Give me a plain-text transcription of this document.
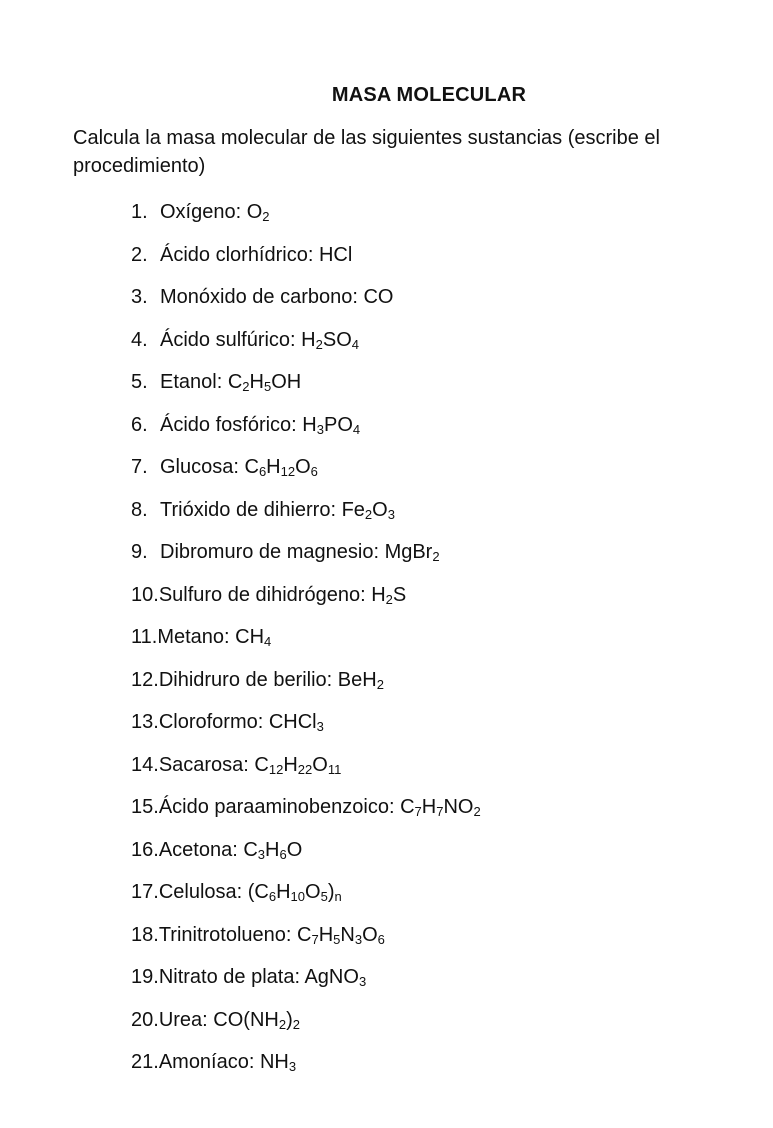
MASA MOLECULAR
Calcula la masa molecular de las siguientes sustancias (escribe el procedimiento)
1. Oxígeno: $O_2$
2. Ácido clorhídrico: HCl
3. Monóxido de carbono: CO
4. Ácido sulfúrico: $H_2SO_4$
5. Etanol: $C_2H_5OH$
6. Ácido fosfórico: $H_3PO_4$
7. Glucosa: $C_6H_{12}O_6$
8. Trióxido de dihierro: $Fe_2O_3$
9. Dibromuro de magnesio: MgBr$_2$
10.Sulfuro de dihidrógeno: $H_2S$
11.Metano: $CH_4$
12.Dihidruro de berilio: BeH$_2$
13.Cloroformo: CHCl$_3$
14.Sacarosa: $C_{12}H_{22}O_{11}$
15.Ácido paraaminobenzoico: $C_7H_7NO_2$
16.Acetona: $C_3H_6O$
17.Celulosa: $(C_6H_{10}O_5)_n$
18.Trinitrotolueno: $C_7H_5N_3O_6$
19.Nitrato de plata: AgNO$_3$
20.Urea: $CO(NH_2)_2$
21.Amoníaco: $NH_3$
